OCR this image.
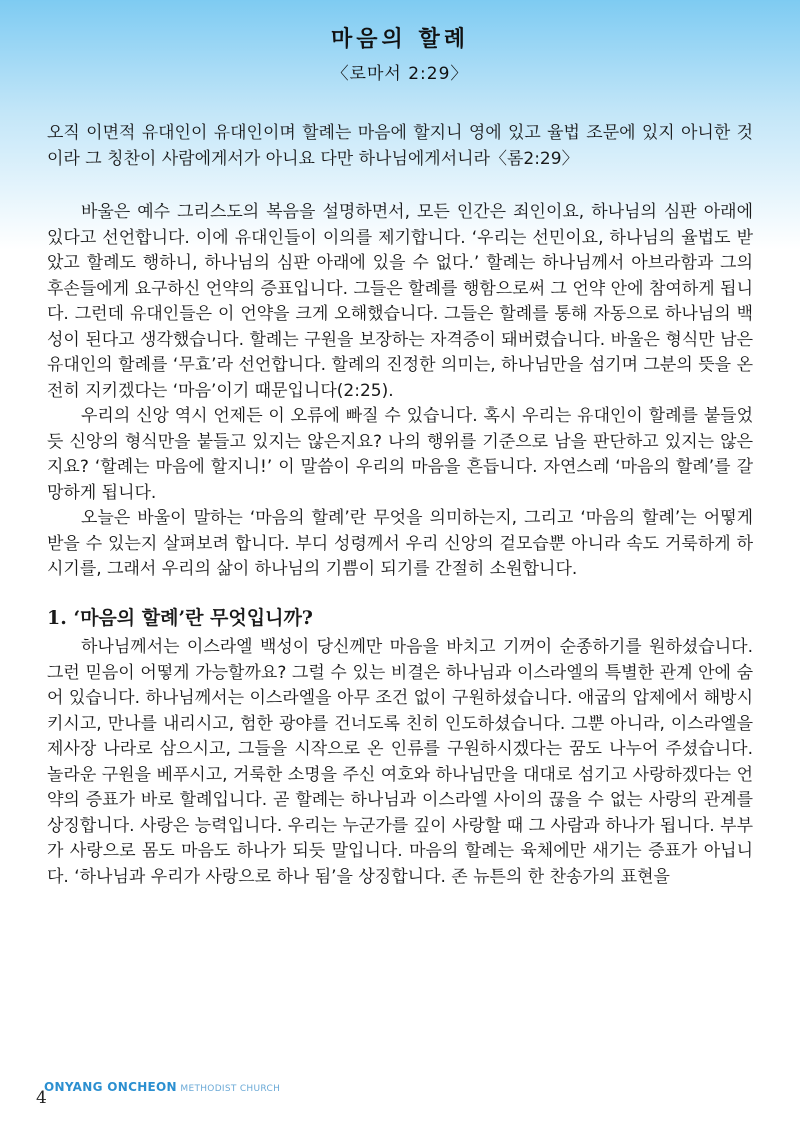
마음의 할례
〈로마서 2:29〉

오직 이면적 유대인이 유대인이며 할례는 마음에 할지니 영에 있고 율법 조문에 있지 아니한 것이라 그 칭찬이 사람에게서가 아니요 다만 하나님에게서니라〈롬2:29〉

바울은 예수 그리스도의 복음을 설명하면서, 모든 인간은 죄인이요, 하나님의 심판 아래에 있다고 선언합니다. 이에 유대인들이 이의를 제기합니다. ‘우리는 선민이요, 하나님의 율법도 받았고 할례도 행하니, 하나님의 심판 아래에 있을 수 없다.’ 할례는 하나님께서 아브라함과 그의 후손들에게 요구하신 언약의 증표입니다. 그들은 할례를 행함으로써 그 언약 안에 참여하게 됩니다. 그런데 유대인들은 이 언약을 크게 오해했습니다. 그들은 할례를 통해 자동으로 하나님의 백성이 된다고 생각했습니다. 할례는 구원을 보장하는 자격증이 돼버렸습니다. 바울은 형식만 남은 유대인의 할례를 ‘무효’라 선언합니다. 할례의 진정한 의미는, 하나님만을 섬기며 그분의 뜻을 온전히 지키겠다는 ‘마음’이기 때문입니다(2:25).

우리의 신앙 역시 언제든 이 오류에 빠질 수 있습니다. 혹시 우리는 유대인이 할례를 붙들었듯 신앙의 형식만을 붙들고 있지는 않은지요? 나의 행위를 기준으로 남을 판단하고 있지는 않은지요? ‘할례는 마음에 할지니!’ 이 말씀이 우리의 마음을 흔듭니다. 자연스레 ‘마음의 할례’를 갈망하게 됩니다.

오늘은 바울이 말하는 ‘마음의 할례’란 무엇을 의미하는지, 그리고 ‘마음의 할례’는 어떻게 받을 수 있는지 살펴보려 합니다. 부디 성령께서 우리 신앙의 겉모습뿐 아니라 속도 거룩하게 하시기를, 그래서 우리의 삶이 하나님의 기쁨이 되기를 간절히 소원합니다.

1. ‘마음의 할례’란 무엇입니까?

하나님께서는 이스라엘 백성이 당신께만 마음을 바치고 기꺼이 순종하기를 원하셨습니다. 그런 믿음이 어떻게 가능할까요? 그럴 수 있는 비결은 하나님과 이스라엘의 특별한 관계 안에 숨어 있습니다. 하나님께서는 이스라엘을 아무 조건 없이 구원하셨습니다. 애굽의 압제에서 해방시키시고, 만나를 내리시고, 험한 광야를 건너도록 친히 인도하셨습니다. 그뿐 아니라, 이스라엘을 제사장 나라로 삼으시고, 그들을 시작으로 온 인류를 구원하시겠다는 꿈도 나누어 주셨습니다. 놀라운 구원을 베푸시고, 거룩한 소명을 주신 여호와 하나님만을 대대로 섬기고 사랑하겠다는 언약의 증표가 바로 할례입니다. 곧 할례는 하나님과 이스라엘 사이의 끊을 수 없는 사랑의 관계를 상징합니다. 사랑은 능력입니다. 우리는 누군가를 깊이 사랑할 때 그 사람과 하나가 됩니다. 부부가 사랑으로 몸도 마음도 하나가 되듯 말입니다. 마음의 할례는 육체에만 새기는 증표가 아닙니다. ‘하나님과 우리가 사랑으로 하나 됨’을 상징합니다. 존 뉴튼의 한 찬송가의 표현을

ONYANG ONCHEON METHODIST CHURCH
4
